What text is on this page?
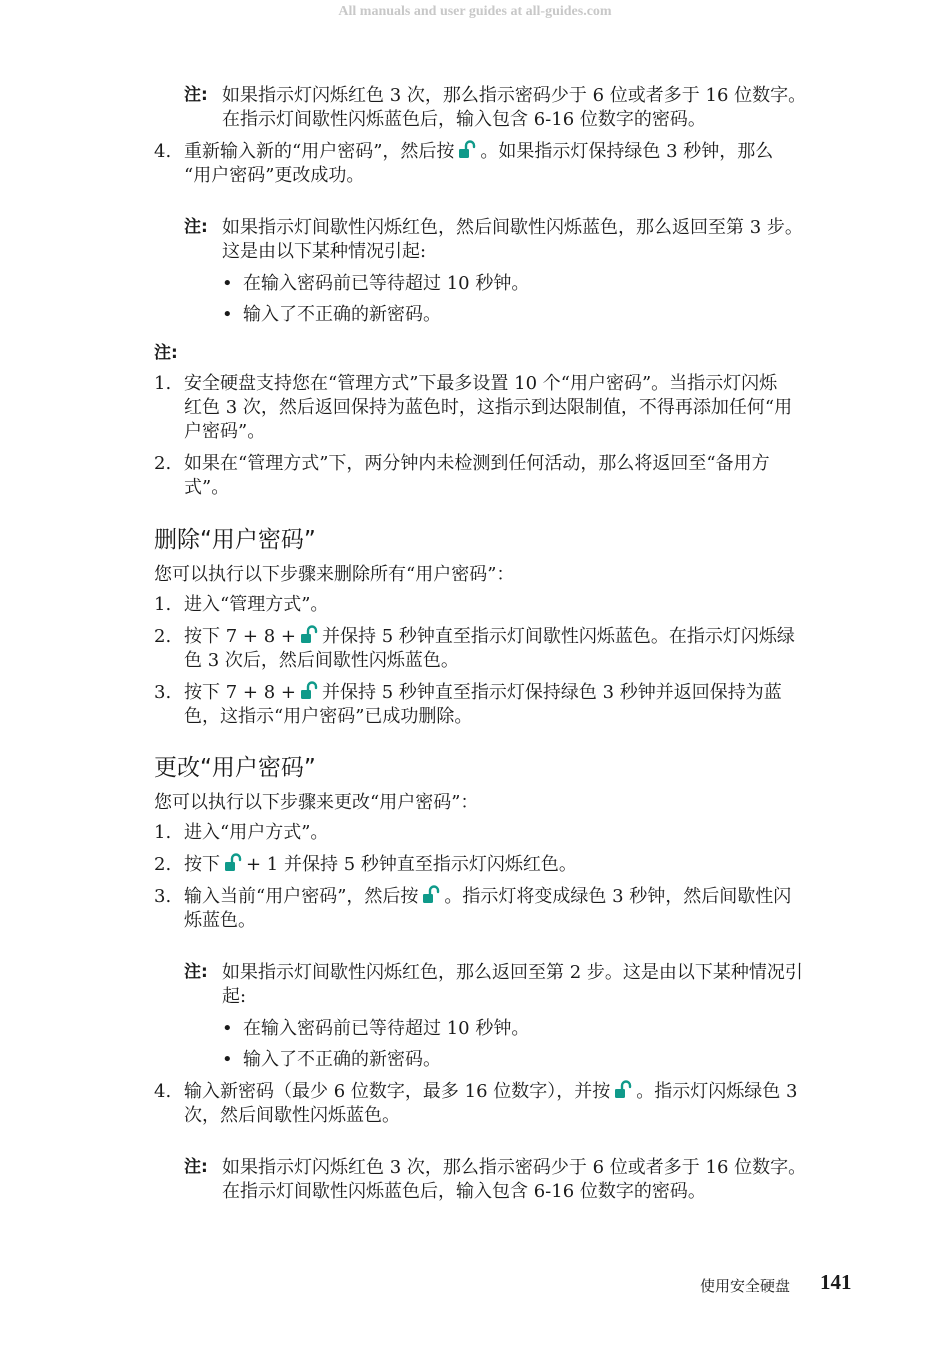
All manuals and user guides at all-guides.com
注: 如果指示灯闪烁红色 3 次，那么指示密码少于 6 位或者多于 16 位数字。
在指示灯间歇性闪烁蓝色后，输入包含 6-16 位数字的密码。
4. 重新输入新的“用户密码”，然后按 。如果指示灯保持绿色 3 秒钟，那么
“用户密码”更改成功。
注: 如果指示灯间歇性闪烁红色，然后间歇性闪烁蓝色，那么返回至第 3 步。
这是由以下某种情况引起:
• 在输入密码前已等待超过 10 秒钟。
• 输入了不正确的新密码。
注:
1. 安全硬盘支持您在“管理方式”下最多设置 10 个“用户密码”。当指示灯闪烁
红色 3 次，然后返回保持为蓝色时，这指示到达限制值，不得再添加任何“用
户密码”。
2. 如果在“管理方式”下，两分钟内未检测到任何活动，那么将返回至“备用方
式”。
删除“用户密码”
您可以执行以下步骤来删除所有“用户密码”：
1. 进入“管理方式”。
2. 按下 7 + 8 + 并保持 5 秒钟直至指示灯间歇性闪烁蓝色。在指示灯闪烁绿
色 3 次后，然后间歇性闪烁蓝色。
3. 按下 7 + 8 + 并保持 5 秒钟直至指示灯保持绿色 3 秒钟并返回保持为蓝
色，这指示“用户密码”已成功删除。
更改“用户密码”
您可以执行以下步骤来更改“用户密码”：
1. 进入“用户方式”。
2. 按下 + 1 并保持 5 秒钟直至指示灯闪烁红色。
3. 输入当前“用户密码”，然后按 。指示灯将变成绿色 3 秒钟，然后间歇性闪
烁蓝色。
注: 如果指示灯间歇性闪烁红色，那么返回至第 2 步。这是由以下某种情况引
起:
• 在输入密码前已等待超过 10 秒钟。
• 输入了不正确的新密码。
4. 输入新密码（最少 6 位数字，最多 16 位数字），并按 。指示灯闪烁绿色 3
次，然后间歇性闪烁蓝色。
注: 如果指示灯闪烁红色 3 次，那么指示密码少于 6 位或者多于 16 位数字。
在指示灯间歇性闪烁蓝色后，输入包含 6-16 位数字的密码。
使用安全硬盘 141
